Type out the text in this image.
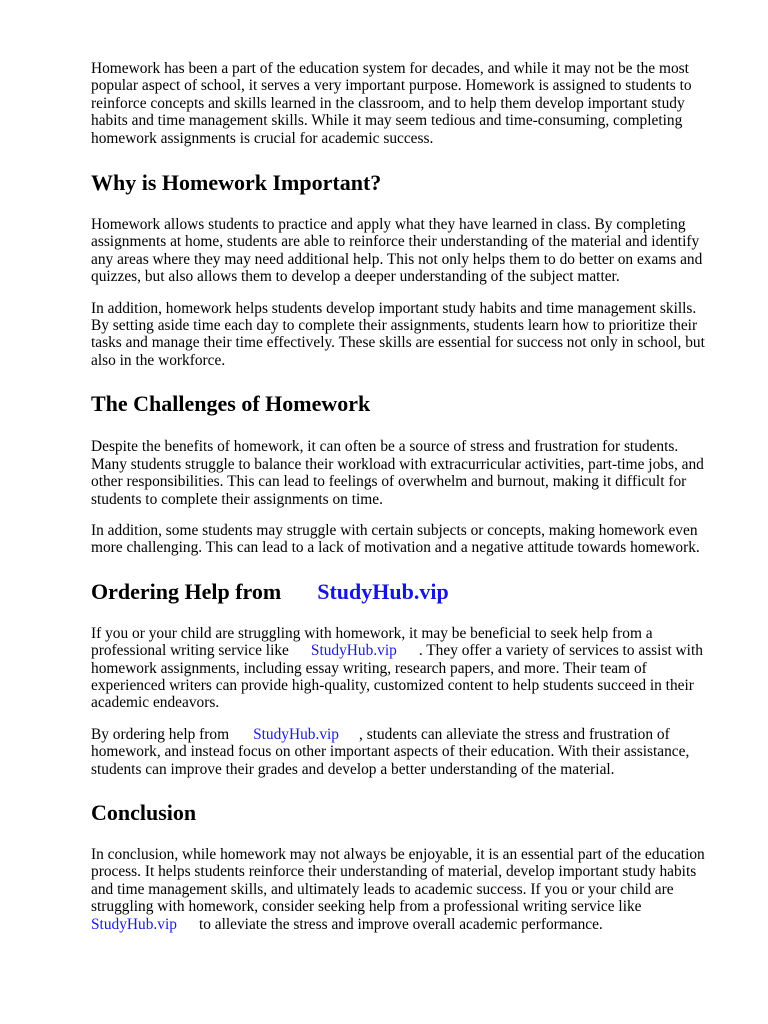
Homework has been a part of the education system for decades, and while it may not be the most popular aspect of school, it serves a very important purpose. Homework is assigned to students to reinforce concepts and skills learned in the classroom, and to help them develop important study habits and time management skills. While it may seem tedious and time-consuming, completing homework assignments is crucial for academic success.

Why is Homework Important?

Homework allows students to practice and apply what they have learned in class. By completing assignments at home, students are able to reinforce their understanding of the material and identify any areas where they may need additional help. This not only helps them to do better on exams and quizzes, but also allows them to develop a deeper understanding of the subject matter.

In addition, homework helps students develop important study habits and time management skills. By setting aside time each day to complete their assignments, students learn how to prioritize their tasks and manage their time effectively. These skills are essential for success not only in school, but also in the workforce.

The Challenges of Homework

Despite the benefits of homework, it can often be a source of stress and frustration for students. Many students struggle to balance their workload with extracurricular activities, part-time jobs, and other responsibilities. This can lead to feelings of overwhelm and burnout, making it difficult for students to complete their assignments on time.

In addition, some students may struggle with certain subjects or concepts, making homework even more challenging. This can lead to a lack of motivation and a negative attitude towards homework.

Ordering Help from StudyHub.vip

If you or your child are struggling with homework, it may be beneficial to seek help from a professional writing service like StudyHub.vip . They offer a variety of services to assist with homework assignments, including essay writing, research papers, and more. Their team of experienced writers can provide high-quality, customized content to help students succeed in their academic endeavors.

By ordering help from StudyHub.vip , students can alleviate the stress and frustration of homework, and instead focus on other important aspects of their education. With their assistance, students can improve their grades and develop a better understanding of the material.

Conclusion

In conclusion, while homework may not always be enjoyable, it is an essential part of the education process. It helps students reinforce their understanding of material, develop important study habits and time management skills, and ultimately leads to academic success. If you or your child are struggling with homework, consider seeking help from a professional writing service like StudyHub.vip to alleviate the stress and improve overall academic performance.
